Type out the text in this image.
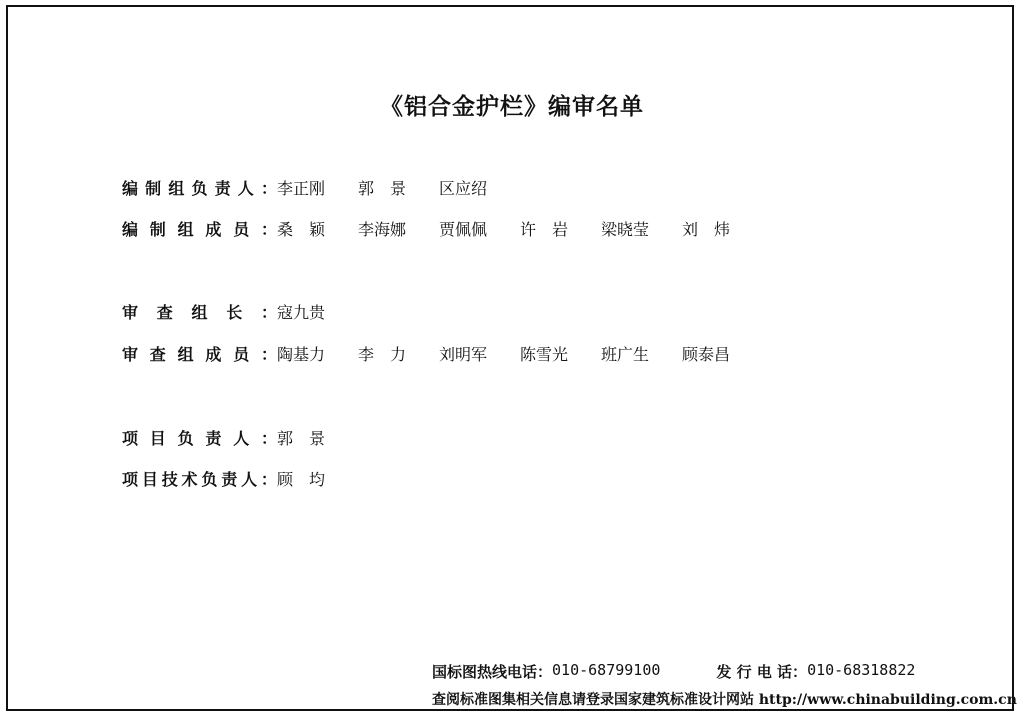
《铝合金护栏》编审名单
编 制 组 负 责 人 ： 李正刚	郭　景	区应绍
编 制 组 成 员 ： 桑　颖	李海娜	贾佩佩	许　岩	梁晓莹	刘　炜
审 查 组 长 ： 寇九贵
审 查 组 成 员 ： 陶基力	李　力	刘明军	陈雪光	班广生	顾泰昌
项 目 负 责 人 ： 郭　景
项 目 技 术 负 责 人 ： 顾　均
国标图热线电话： 010-68799100	发 行 电 话： 010-68318822
查阅标准图集相关信息请登录国家建筑标准设计网站 http://www.chinabuilding.com.cn
